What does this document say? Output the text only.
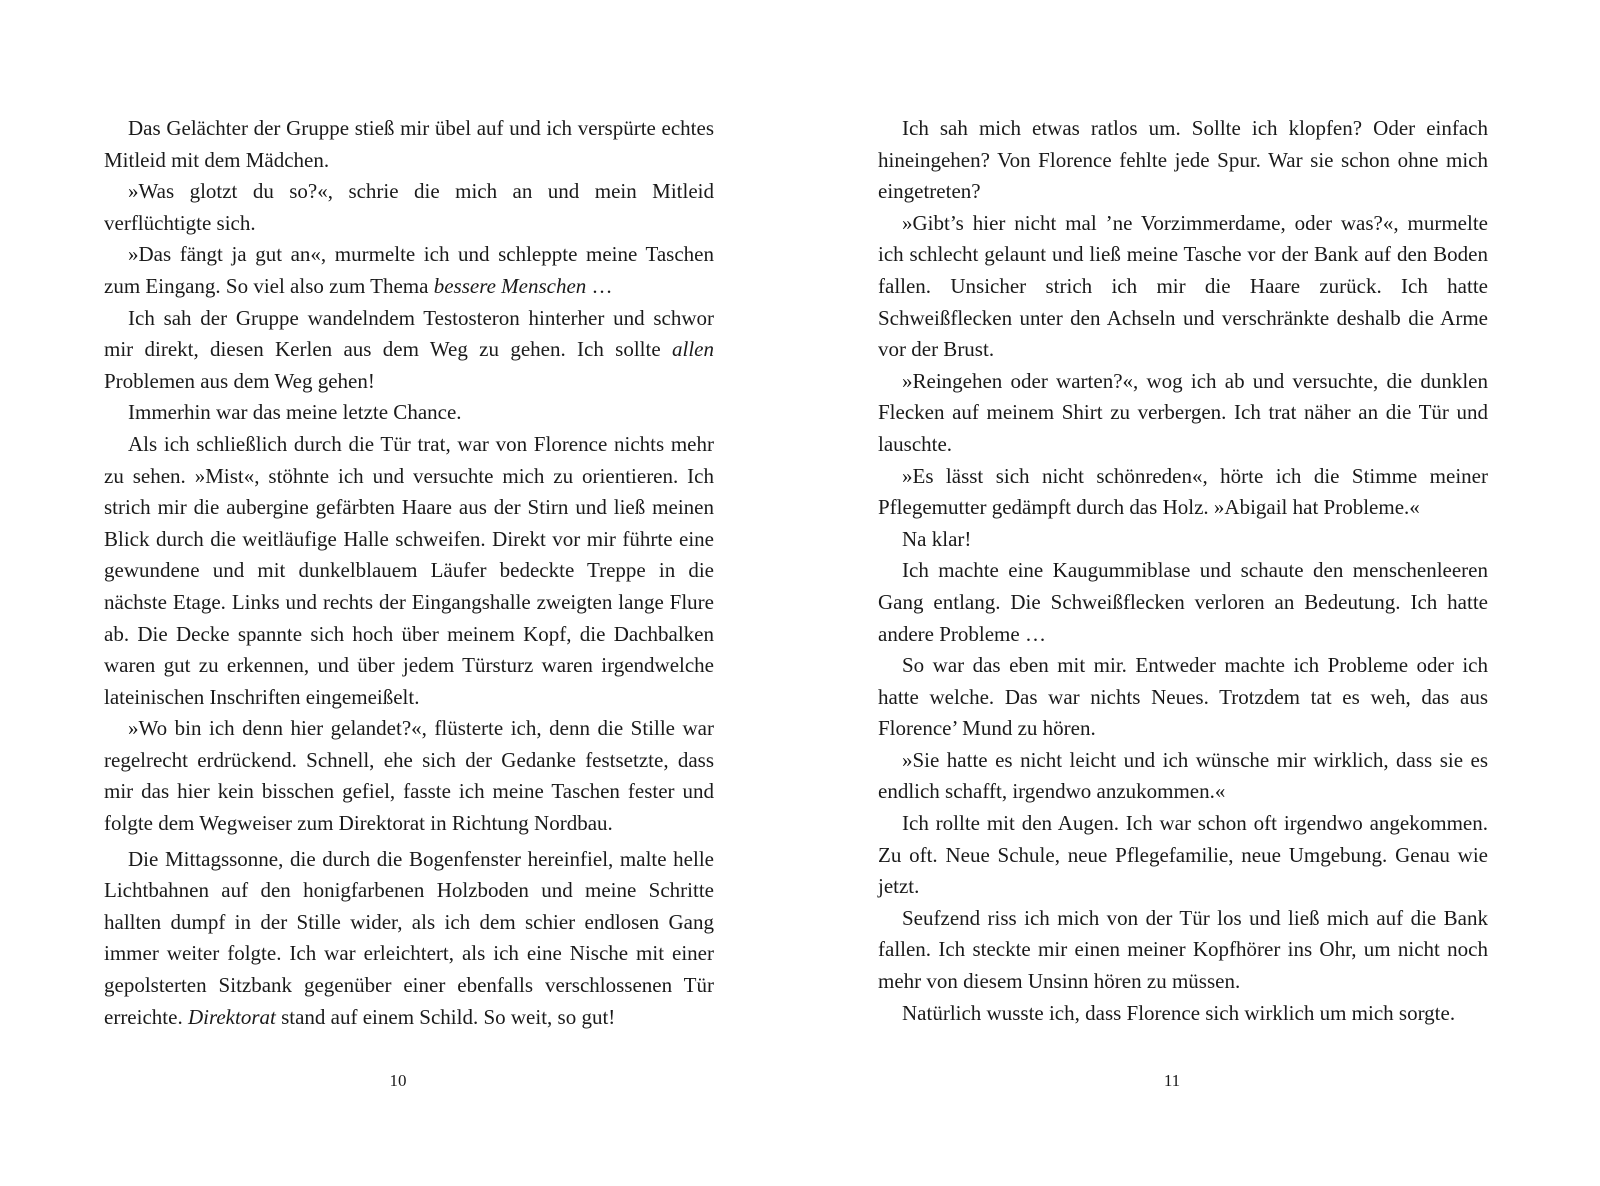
Das Gelächter der Gruppe stieß mir übel auf und ich verspürte echtes Mitleid mit dem Mädchen.

»Was glotzt du so?«, schrie die mich an und mein Mitleid verflüchtigte sich.

»Das fängt ja gut an«, murmelte ich und schleppte meine Taschen zum Eingang. So viel also zum Thema bessere Menschen …

Ich sah der Gruppe wandelndem Testosteron hinterher und schwor mir direkt, diesen Kerlen aus dem Weg zu gehen. Ich sollte allen Problemen aus dem Weg gehen!

Immerhin war das meine letzte Chance.

Als ich schließlich durch die Tür trat, war von Florence nichts mehr zu sehen. »Mist«, stöhnte ich und versuchte mich zu orientieren. Ich strich mir die aubergine gefärbten Haare aus der Stirn und ließ meinen Blick durch die weitläufige Halle schweifen. Direkt vor mir führte eine gewundene und mit dunkelblauem Läufer bedeckte Treppe in die nächste Etage. Links und rechts der Eingangshalle zweigten lange Flure ab. Die Decke spannte sich hoch über meinem Kopf, die Dachbalken waren gut zu erkennen, und über jedem Türsturz waren irgendwelche lateinischen Inschriften eingemeißelt.

»Wo bin ich denn hier gelandet?«, flüsterte ich, denn die Stille war regelrecht erdrückend. Schnell, ehe sich der Gedanke festsetzte, dass mir das hier kein bisschen gefiel, fasste ich meine Taschen fester und folgte dem Wegweiser zum Direktorat in Richtung Nordbau.

Die Mittagssonne, die durch die Bogenfenster hereinfiel, malte helle Lichtbahnen auf den honigfarbenen Holzboden und meine Schritte hallten dumpf in der Stille wider, als ich dem schier endlosen Gang immer weiter folgte. Ich war erleichtert, als ich eine Nische mit einer gepolsterten Sitzbank gegenüber einer ebenfalls verschlossenen Tür erreichte. Direktorat stand auf einem Schild. So weit, so gut!

10

Ich sah mich etwas ratlos um. Sollte ich klopfen? Oder einfach hineingehen? Von Florence fehlte jede Spur. War sie schon ohne mich eingetreten?

»Gibt’s hier nicht mal ’ne Vorzimmerdame, oder was?«, murmelte ich schlecht gelaunt und ließ meine Tasche vor der Bank auf den Boden fallen. Unsicher strich ich mir die Haare zurück. Ich hatte Schweißflecken unter den Achseln und verschränkte deshalb die Arme vor der Brust.

»Reingehen oder warten?«, wog ich ab und versuchte, die dunklen Flecken auf meinem Shirt zu verbergen. Ich trat näher an die Tür und lauschte.

»Es lässt sich nicht schönreden«, hörte ich die Stimme meiner Pflegemutter gedämpft durch das Holz. »Abigail hat Probleme.«

Na klar!

Ich machte eine Kaugummiblase und schaute den menschenleeren Gang entlang. Die Schweißflecken verloren an Bedeutung. Ich hatte andere Probleme …

So war das eben mit mir. Entweder machte ich Probleme oder ich hatte welche. Das war nichts Neues. Trotzdem tat es weh, das aus Florence’ Mund zu hören.

»Sie hatte es nicht leicht und ich wünsche mir wirklich, dass sie es endlich schafft, irgendwo anzukommen.«

Ich rollte mit den Augen. Ich war schon oft irgendwo angekommen. Zu oft. Neue Schule, neue Pflegefamilie, neue Umgebung. Genau wie jetzt.

Seufzend riss ich mich von der Tür los und ließ mich auf die Bank fallen. Ich steckte mir einen meiner Kopfhörer ins Ohr, um nicht noch mehr von diesem Unsinn hören zu müssen.

Natürlich wusste ich, dass Florence sich wirklich um mich sorgte.

11
